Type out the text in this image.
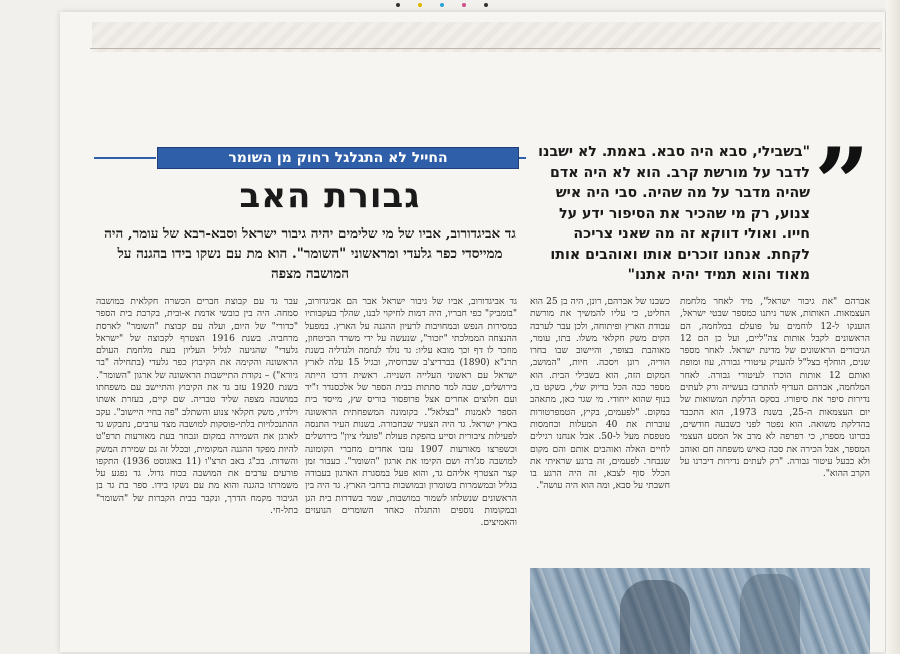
החייל לא התגלגל רחוק מן השומר
גבורת האב
גד אביגדורוב, אביו של מי שלימים יהיה גיבור ישראל וסבא-רבא של עומר, היה ממייסדי כפר גלעדי ומראשוני "השומר". הוא מת עם נשקו בידו בהגנה על המושבה מצפה
גד אביגדורוב, אביו של גיבור ישראל אבר הם אביגדורוב, "בומביק" כפי חבריו, היה דמות לחיקוי לבנו, שהלך בעקבותיו במסירות הנפש ובמחויבות לרעיון ההגנה על הארץ. במפעל ההנצחה הממלכתי "יזכור", שנעשה על ידי משרד הביטחון, מוזכר לו דף וכך מובא עליו: גד נולד לנחמה ולגדליה בשנת תרנ"א (1890) בברדיצ'ב שברוסיה, ובגיל 15 עלה לארץ ישראל עם ראשוני העלייה השנייה. ראשית דרכו הייתה בירושלים, שבה למד סתתות בבית הספר של אלכסנדר ז"יד ועם חלוצים אחרים אצל פרופסור בוריס שץ, מייסד בית הספר לאמנות "בצלאל". בקומונה המשפחתית הראשונה בארץ ישראל. גד היה הצעיר שבחבורה. בשנות העיר התנסה לפעילות ציבורית וסייע בהפקת פעולת "פועלי ציון" בירושלים וכשפרצו מאורעות 1907 עזבו אחדים מחברי הקומונה למושבה סג'רה ושם הקימו את ארגון "השומר". כעבור זמן קצר הצטרף אליהם גד, והוא פעל במסגרת הארגון בעבודה בגליל ובמשמרות בשומרון ובמושבות ברחבי הארץ. גד היה בין הראשונים שנשלחו לשמור במושבות, שמר בשדרות בית הגן ובמקומות נוספים והתגלה כאחד השומרים הנועזים והאמיצים.
עבר גד עם קבוצת חברים הכשרה חקלאית במושבה סמחה. היה בין כובשי אדמת א-ובית, בקרבת בית הספר "כדורי" של היום, ועלה עם קבוצת "השומר" לארסת מרחביה. בשנת 1916 הצטרף לקבוצה של "ישראל גלעדי" שהגיעה לגליל העליון בעת מלחמת העולם הראשונה והקימה את הקיבוץ כפר גלעדי (בתחילה "בר גיורא") – נקודת התיישבות הראשונה של ארגון "השומר". בשנת 1920 עזב גד את הקיבוץ והתיישב עם משפחתו במושבה מצפה שליד טבריה. שם קיים, בעזרת אשתו וילדיו, משק חקלאי צנוע והשתלב "פה בחיי היישוב". עקב ההתנכלויות בלתי-פוסקות למושבה מצד ערבים, נתבקש גד לארגן את השמירה במקום ונבחר בעת מאורעות תרפ"ט להיות מפקד ההגנה המקומית, ובכלל זה גם שמירת המשק והשדות. בכ"ג באב תרצ"ו (11 באוגוסט 1936) התקפו פורעים ערבים את המושבה בכוח גדול. גד נפגע על משמרתו בהגנה והוא מת עם נשקו בידו. ספר בת גד בן הגיבור מקמח הדרך, ונקבר בבית הקברות של "השומר" בתל-חי.
”
"בשבילי, סבא היה סבא. באמת. לא ישבנו לדבר על מורשת קרב. הוא לא היה אדם שהיה מדבר על מה שהיה. סבי היה איש צנוע, רק מי שהכיר את הסיפור ידע על חייו. ואולי דווקא זה מה שאני צריכה לקחת. אנחנו זוכרים אותו ואוהבים אותו מאוד והוא תמיד יהיה אתנו"
כשבנו של אברהם, רונן, היה בן 25 הוא החליט, כי עליו להמשיך את מורשת עבודת הארץ ופיתוחה, ולכן עבר לערבה הקים משק חקלאי משלו. בתו, עומר, מאוהבת בצופר, והיישוב שבו בחרו הוריה, רונן ויסכה. חיות, "המושב, המקום הזה, הוא בשבילי הבית. הוא מספר ככה הכל בדיוק שלי, בשקט בו, בנוף שהוא ייחודי. מי שגר כאן, מתאהב במקום. "לפעמים, בקיץ, הטמפרטורות עוברות את 40 המעלות ובחמסות מטפסת מעל ל-50. אבל אנחנו רגילים לחיים האלה ואוהבים אותם והם מקום שנבחר. לפעמים, זה ברגע שראיתי את הכלל סוף לצבא, זה היה הרגע בו חשבתי על סבא, ומה הוא היה עושה".
אברהם "את גיבור ישראל", מיד לאחר מלחמת העצמאות. האותות, אשר ניתנו כמספר שבטי ישראל, הוענקו ל-12 לוחמים על פועלם במלחמה, הם הראשונים לקבל אותות צה"ליים, ועל כן הם 12 הגיבורים הראשונים של מדינת ישראל. לאחר מספר שנים, הוחלף בצל"ל להעניק עיטורי גבורה, עוז ומופת ואותם 12 אותות הוכרו לעיטורי גבורה. לאחר המלחמה, אברהם העדיף להתרכז בעשייה ורק לעתים נדירות סיפר את סיפורו. בסקס הדלקת המשואות של יום העצמאות ה-25, בשנת 1973, הוא התכבד בהדלקת משואה. הוא נפטר לפני כשבעה חודשים, בכרונו מספרו, כי רפרפה לא מרב אל המסע העצמי המספר, אבל הכירה את סבה כאיש משפחה חם ואוהב ולא כבעל עיטור גבורה. "רק לעתים נדירות דיברנו על הקרב ההוא".
